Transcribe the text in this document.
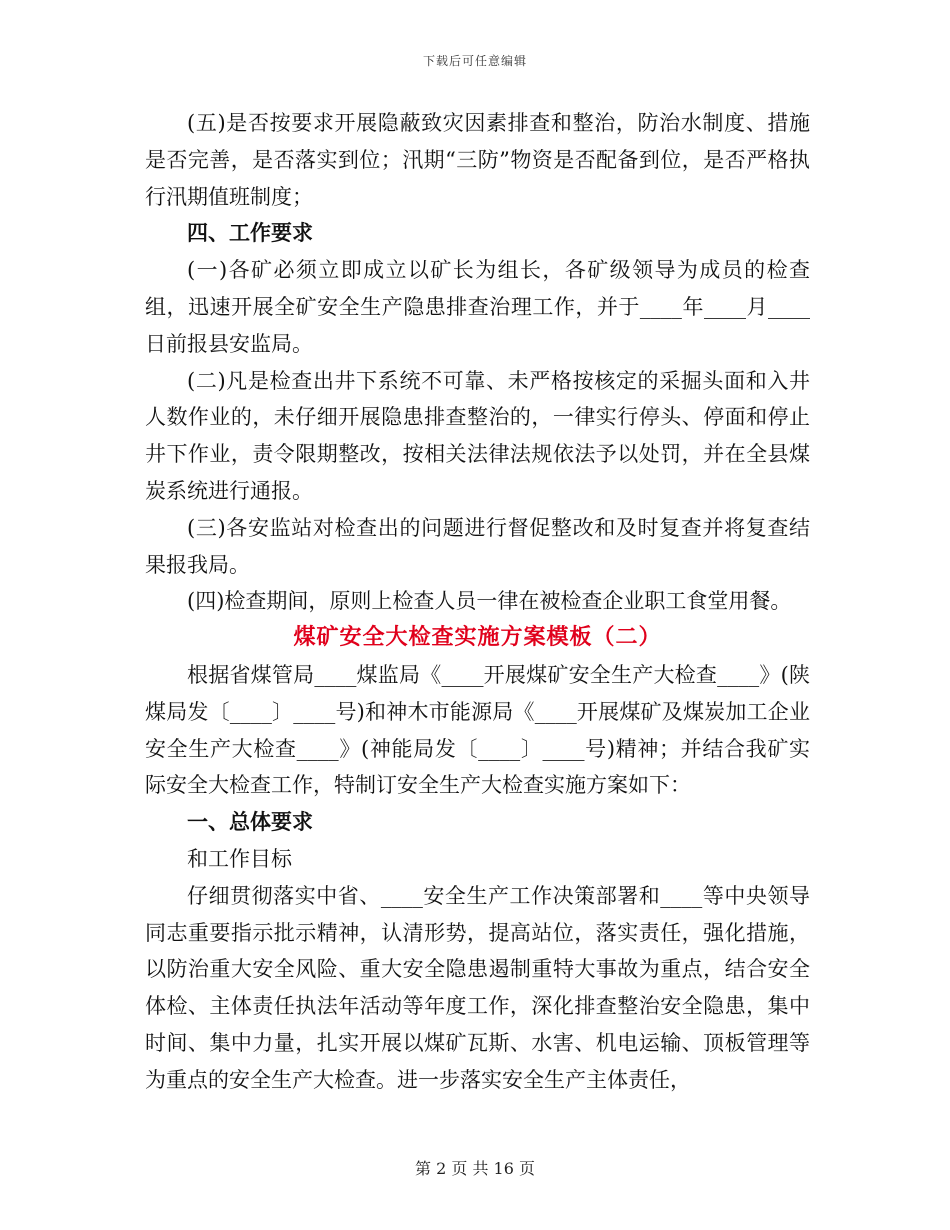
下载后可任意编辑

(五)是否按要求开展隐蔽致灾因素排查和整治，防治水制度、措施是否完善，是否落实到位；汛期“三防”物资是否配备到位，是否严格执行汛期值班制度；

四、工作要求

(一)各矿必须立即成立以矿长为组长，各矿级领导为成员的检查组，迅速开展全矿安全生产隐患排查治理工作，并于____年____月____日前报县安监局。

(二)凡是检查出井下系统不可靠、未严格按核定的采掘头面和入井人数作业的，未仔细开展隐患排查整治的，一律实行停头、停面和停止井下作业，责令限期整改，按相关法律法规依法予以处罚，并在全县煤炭系统进行通报。

(三)各安监站对检查出的问题进行督促整改和及时复查并将复查结果报我局。

(四)检查期间，原则上检查人员一律在被检查企业职工食堂用餐。

煤矿安全大检查实施方案模板（二）

根据省煤管局____煤监局《____开展煤矿安全生产大检查____》(陕煤局发〔____〕____号)和神木市能源局《____开展煤矿及煤炭加工企业安全生产大检查____》(神能局发〔____〕____号)精神；并结合我矿实际安全大检查工作，特制订安全生产大检查实施方案如下：

一、总体要求

和工作目标

仔细贯彻落实中省、____安全生产工作决策部署和____等中央领导同志重要指示批示精神，认清形势，提高站位，落实责任，强化措施，以防治重大安全风险、重大安全隐患遏制重特大事故为重点，结合安全体检、主体责任执法年活动等年度工作，深化排查整治安全隐患，集中时间、集中力量，扎实开展以煤矿瓦斯、水害、机电运输、顶板管理等为重点的安全生产大检查。进一步落实安全生产主体责任，

第 2 页 共 16 页
